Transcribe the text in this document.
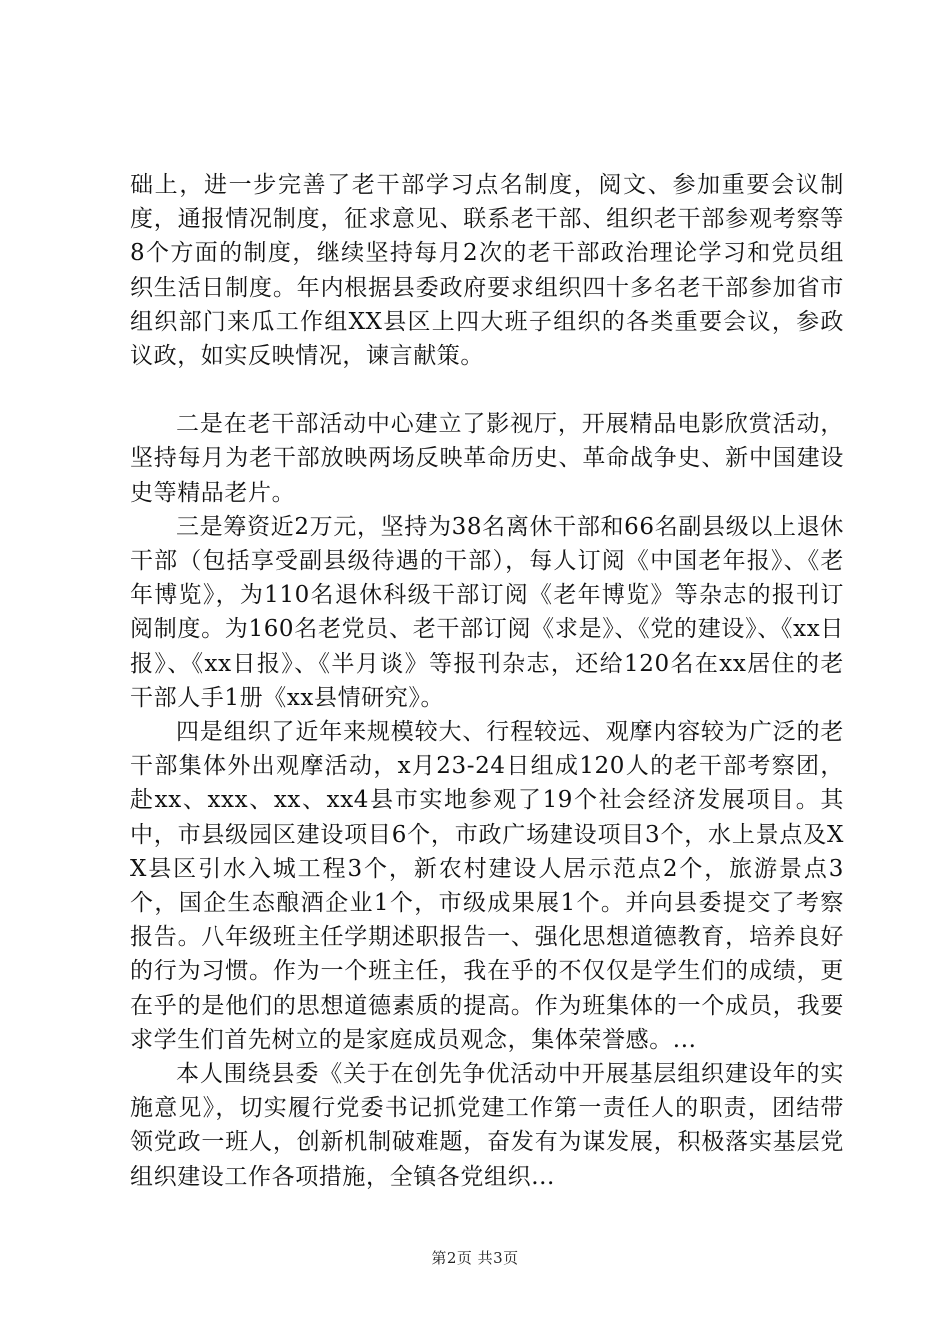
础上，进一步完善了老干部学习点名制度，阅文、参加重要会议制度，通报情况制度，征求意见、联系老干部、组织老干部参观考察等8个方面的制度，继续坚持每月2次的老干部政治理论学习和党员组织生活日制度。年内根据县委政府要求组织四十多名老干部参加省市组织部门来瓜工作组XX县区上四大班子组织的各类重要会议，参政议政，如实反映情况，谏言献策。

二是在老干部活动中心建立了影视厅，开展精品电影欣赏活动，坚持每月为老干部放映两场反映革命历史、革命战争史、新中国建设史等精品老片。

三是筹资近2万元，坚持为38名离休干部和66名副县级以上退休干部（包括享受副县级待遇的干部），每人订阅《中国老年报》、《老年博览》，为110名退休科级干部订阅《老年博览》等杂志的报刊订阅制度。为160名老党员、老干部订阅《求是》、《党的建设》、《xx日报》、《xx日报》、《半月谈》等报刊杂志，还给120名在xx居住的老干部人手1册《xx县情研究》。

四是组织了近年来规模较大、行程较远、观摩内容较为广泛的老干部集体外出观摩活动，x月23-24日组成120人的老干部考察团，赴xx、xxx、xx、xx4县市实地参观了19个社会经济发展项目。其中，市县级园区建设项目6个，市政广场建设项目3个，水上景点及XX县区引水入城工程3个，新农村建设人居示范点2个，旅游景点3个，国企生态酿酒企业1个，市级成果展1个。并向县委提交了考察报告。八年级班主任学期述职报告一、强化思想道德教育，培养良好的行为习惯。作为一个班主任，我在乎的不仅仅是学生们的成绩，更在乎的是他们的思想道德素质的提高。作为班集体的一个成员，我要求学生们首先树立的是家庭成员观念，集体荣誉感。...

本人围绕县委《关于在创先争优活动中开展基层组织建设年的实施意见》，切实履行党委书记抓党建工作第一责任人的职责，团结带领党政一班人，创新机制破难题，奋发有为谋发展，积极落实基层党组织建设工作各项措施，全镇各党组织...

第2页 共3页
